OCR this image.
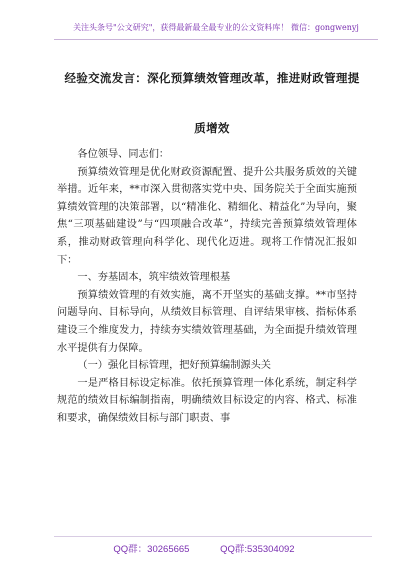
关注头条号"公文研究"，获得最新最全最专业的公文资料库！ 微信：gongwenyj
经验交流发言：深化预算绩效管理改革，推进财政管理提
质增效

各位领导、同志们：

预算绩效管理是优化财政资源配置、提升公共服务质效的关键举措。近年来，**市深入贯彻落实党中央、国务院关于全面实施预算绩效管理的决策部署，以“精准化、精细化、精益化”为导向，聚焦“三项基础建设”与“四项融合改革”，持续完善预算绩效管理体系，推动财政管理向科学化、现代化迈进。现将工作情况汇报如下：

一、夯基固本，筑牢绩效管理根基

预算绩效管理的有效实施，离不开坚实的基础支撑。**市坚持问题导向、目标导向，从绩效目标管理、自评结果审核、指标体系建设三个维度发力，持续夯实绩效管理基础，为全面提升绩效管理水平提供有力保障。

（一）强化目标管理，把好预算编制源头关

一是严格目标设定标准。依托预算管理一体化系统，制定科学规范的绩效目标编制指南，明确绩效目标设定的内容、格式、标准和要求，确保绩效目标与部门职责、事

QQ群：30265665	QQ群:535304092
